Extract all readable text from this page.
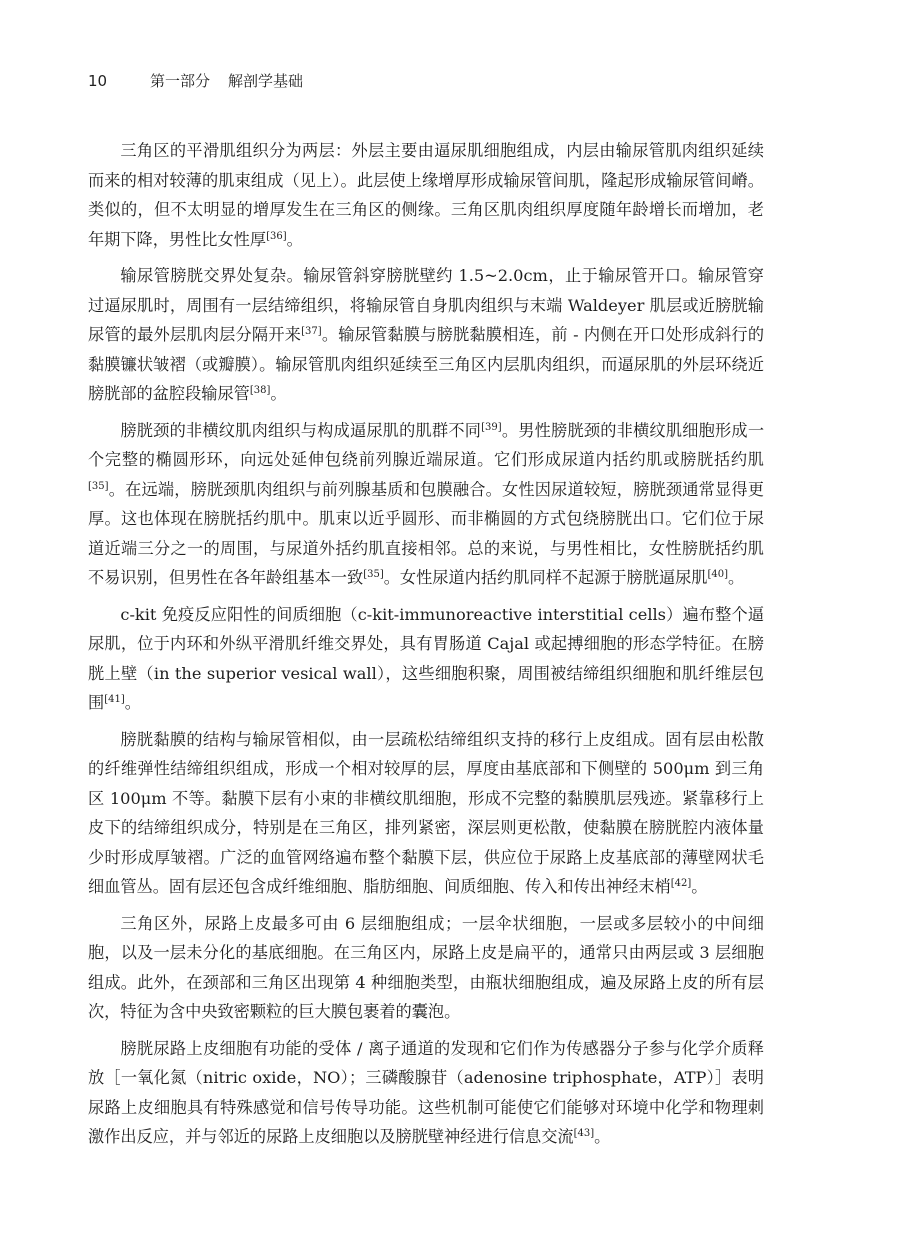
10	第一部分 解剖学基础

三角区的平滑肌组织分为两层：外层主要由逼尿肌细胞组成，内层由输尿管肌肉组织延续而来的相对较薄的肌束组成（见上）。此层使上缘增厚形成输尿管间肌，隆起形成输尿管间嵴。类似的，但不太明显的增厚发生在三角区的侧缘。三角区肌肉组织厚度随年龄增长而增加，老年期下降，男性比女性厚[36]。

输尿管膀胱交界处复杂。输尿管斜穿膀胱壁约 1.5~2.0cm，止于输尿管开口。输尿管穿过逼尿肌时，周围有一层结缔组织，将输尿管自身肌肉组织与末端 Waldeyer 肌层或近膀胱输尿管的最外层肌肉层分隔开来[37]。输尿管黏膜与膀胱黏膜相连，前 - 内侧在开口处形成斜行的黏膜镰状皱褶（或瓣膜）。输尿管肌肉组织延续至三角区内层肌肉组织，而逼尿肌的外层环绕近膀胱部的盆腔段输尿管[38]。

膀胱颈的非横纹肌肉组织与构成逼尿肌的肌群不同[39]。男性膀胱颈的非横纹肌细胞形成一个完整的椭圆形环，向远处延伸包绕前列腺近端尿道。它们形成尿道内括约肌或膀胱括约肌[35]。在远端，膀胱颈肌肉组织与前列腺基质和包膜融合。女性因尿道较短，膀胱颈通常显得更厚。这也体现在膀胱括约肌中。肌束以近乎圆形、而非椭圆的方式包绕膀胱出口。它们位于尿道近端三分之一的周围，与尿道外括约肌直接相邻。总的来说，与男性相比，女性膀胱括约肌不易识别，但男性在各年龄组基本一致[35]。女性尿道内括约肌同样不起源于膀胱逼尿肌[40]。

c-kit 免疫反应阳性的间质细胞（c-kit-immunoreactive interstitial cells）遍布整个逼尿肌，位于内环和外纵平滑肌纤维交界处，具有胃肠道 Cajal 或起搏细胞的形态学特征。在膀胱上壁（in the superior vesical wall），这些细胞积聚，周围被结缔组织细胞和肌纤维层包围[41]。

膀胱黏膜的结构与输尿管相似，由一层疏松结缔组织支持的移行上皮组成。固有层由松散的纤维弹性结缔组织组成，形成一个相对较厚的层，厚度由基底部和下侧壁的 500μm 到三角区 100μm 不等。黏膜下层有小束的非横纹肌细胞，形成不完整的黏膜肌层残迹。紧靠移行上皮下的结缔组织成分，特别是在三角区，排列紧密，深层则更松散，使黏膜在膀胱腔内液体量少时形成厚皱褶。广泛的血管网络遍布整个黏膜下层，供应位于尿路上皮基底部的薄壁网状毛细血管丛。固有层还包含成纤维细胞、脂肪细胞、间质细胞、传入和传出神经末梢[42]。

三角区外，尿路上皮最多可由 6 层细胞组成；一层伞状细胞，一层或多层较小的中间细胞，以及一层未分化的基底细胞。在三角区内，尿路上皮是扁平的，通常只由两层或 3 层细胞组成。此外，在颈部和三角区出现第 4 种细胞类型，由瓶状细胞组成，遍及尿路上皮的所有层次，特征为含中央致密颗粒的巨大膜包裹着的囊泡。

膀胱尿路上皮细胞有功能的受体 / 离子通道的发现和它们作为传感器分子参与化学介质释放［一氧化氮（nitric oxide，NO）；三磷酸腺苷（adenosine triphosphate，ATP）］表明尿路上皮细胞具有特殊感觉和信号传导功能。这些机制可能使它们能够对环境中化学和物理刺激作出反应，并与邻近的尿路上皮细胞以及膀胱壁神经进行信息交流[43]。
